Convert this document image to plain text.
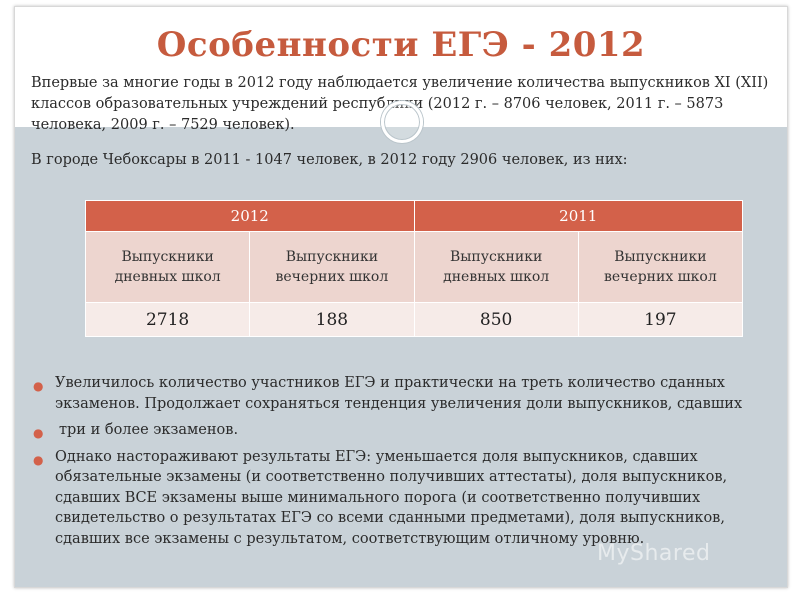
Особенности ЕГЭ - 2012
Впервые за многие годы в 2012 году наблюдается увеличение количества выпускников XI (XII) классов образовательных учреждений республики (2012 г. – 8706 человек, 2011 г. – 5873 человека, 2009 г. – 7529 человек).
В городе Чебоксары в 2011 - 1047 человек, в 2012 году 2906 человек, из них:
2012		2011	
Выпускники дневных школ	Выпускники вечерних школ	Выпускники дневных школ	Выпускники вечерних школ
2718	188	850	197
● Увеличилось количество участников ЕГЭ и практически на треть количество сданных экзаменов. Продолжает сохраняться тенденция увеличения доли выпускников, сдавших
● три и более экзаменов.
● Однако настораживают результаты ЕГЭ: уменьшается доля выпускников, сдавших обязательные экзамены (и соответственно получивших аттестаты), доля выпускников, сдавших ВСЕ экзамены выше минимального порога (и соответственно получивших свидетельство о результатах ЕГЭ со всеми сданными предметами), доля выпускников, сдавших все экзамены с результатом, соответствующим отличному уровню.
MyShared
